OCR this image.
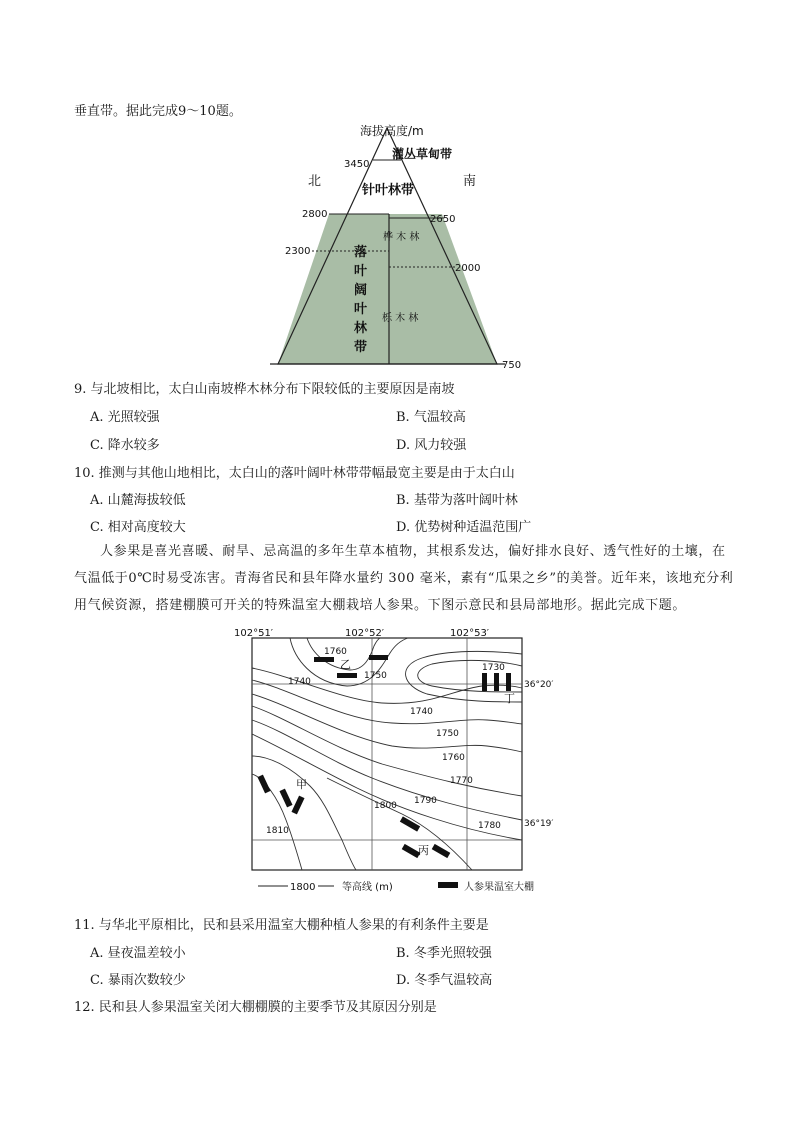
垂直带。据此完成9～10题。
海拔高度/m
灌丛草甸带
3450
北	南
针叶林带
2800	2650
桦 木 林
2300
2000
落
叶
阔
叶
林
带
栎 木 林
750
9. 与北坡相比，太白山南坡桦木林分布下限较低的主要原因是南坡
A. 光照较强	B. 气温较高
C. 降水较多	D. 风力较强
10. 推测与其他山地相比，太白山的落叶阔叶林带带幅最宽主要是由于太白山
A. 山麓海拔较低	B. 基带为落叶阔叶林
C. 相对高度较大	D. 优势树种适温范围广
人参果是喜光喜暖、耐旱、忌高温的多年生草本植物，其根系发达，偏好排水良好、透气性好的土壤，在气温低于0℃时易受冻害。青海省民和县年降水量约 300 毫米，素有“瓜果之乡”的美誉。近年来，该地充分利用气候资源，搭建棚膜可开关的特殊温室大棚栽培人参果。下图示意民和县局部地形。据此完成下题。
102°51′	102°52′	102°53′
36°20′
36°19′
1760
1750
1740
1730
1740
1750
1760
1770
1780
1790
1800
1810
乙
丁
甲
丙
1800	等高线 (m)	人参果温室大棚
11. 与华北平原相比，民和县采用温室大棚种植人参果的有利条件主要是
A. 昼夜温差较小	B. 冬季光照较强
C. 暴雨次数较少	D. 冬季气温较高
12. 民和县人参果温室关闭大棚棚膜的主要季节及其原因分别是
